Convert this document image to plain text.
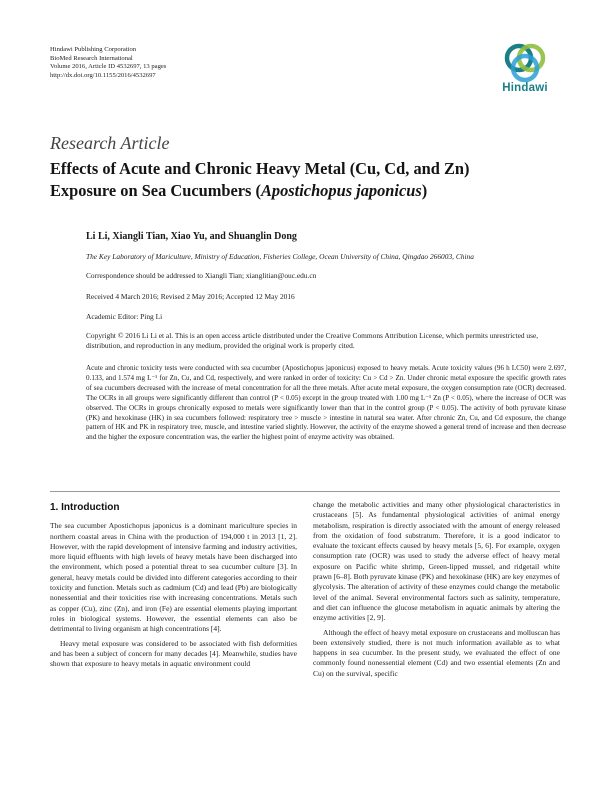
Hindawi Publishing Corporation
BioMed Research International
Volume 2016, Article ID 4532697, 13 pages
http://dx.doi.org/10.1155/2016/4532697
Hindawi
Research Article
Effects of Acute and Chronic Heavy Metal (Cu, Cd, and Zn)
Exposure on Sea Cucumbers (Apostichopus japonicus)
Li Li, Xiangli Tian, Xiao Yu, and Shuanglin Dong
The Key Laboratory of Mariculture, Ministry of Education, Fisheries College, Ocean University of China, Qingdao 266003, China
Correspondence should be addressed to Xiangli Tian; xianglitian@ouc.edu.cn
Received 4 March 2016; Revised 2 May 2016; Accepted 12 May 2016
Academic Editor: Ping Li
Copyright © 2016 Li Li et al. This is an open access article distributed under the Creative Commons Attribution License, which permits unrestricted use, distribution, and reproduction in any medium, provided the original work is properly cited.
Acute and chronic toxicity tests were conducted with sea cucumber (Apostichopus japonicus) exposed to heavy metals. Acute toxicity values (96 h LC50) were 2.697, 0.133, and 1.574 mg L⁻¹ for Zn, Cu, and Cd, respectively, and were ranked in order of toxicity: Cu > Cd > Zn. Under chronic metal exposure the specific growth rates of sea cucumbers decreased with the increase of metal concentration for all the three metals. After acute metal exposure, the oxygen consumption rate (OCR) decreased. The OCRs in all groups were significantly different than control (P < 0.05) except in the group treated with 1.00 mg L⁻¹ Zn (P < 0.05), where the increase of OCR was observed. The OCRs in groups chronically exposed to metals were significantly lower than that in the control group (P < 0.05). The activity of both pyruvate kinase (PK) and hexokinase (HK) in sea cucumbers followed: respiratory tree > muscle > intestine in natural sea water. After chronic Zn, Cu, and Cd exposure, the change pattern of HK and PK in respiratory tree, muscle, and intestine varied slightly. However, the activity of the enzyme showed a general trend of increase and then decrease and the higher the exposure concentration was, the earlier the highest point of enzyme activity was obtained.
1. Introduction

The sea cucumber Apostichopus japonicus is a dominant mariculture species in northern coastal areas in China with the production of 194,000 t in 2013 [1, 2]. However, with the rapid development of intensive farming and industry activities, more liquid effluents with high levels of heavy metals have been discharged into the environment, which posed a potential threat to sea cucumber culture [3]. In general, heavy metals could be divided into different categories according to their toxicity and function. Metals such as cadmium (Cd) and lead (Pb) are biologically nonessential and their toxicities rise with increasing concentrations. Metals such as copper (Cu), zinc (Zn), and iron (Fe) are essential elements playing important roles in biological systems. However, the essential elements can also be detrimental to living organism at high concentrations [4].

Heavy metal exposure was considered to be associated with fish deformities and has been a subject of concern for many decades [4]. Meanwhile, studies have shown that exposure to heavy metals in aquatic environment could

change the metabolic activities and many other physiological characteristics in crustaceans [5]. As fundamental physiological activities of animal energy metabolism, respiration is directly associated with the amount of energy released from the oxidation of food substratum. Therefore, it is a good indicator to evaluate the toxicant effects caused by heavy metals [5, 6]. For example, oxygen consumption rate (OCR) was used to study the adverse effect of heavy metal exposure on Pacific white shrimp, Green-lipped mussel, and ridgetail white prawn [6–8]. Both pyruvate kinase (PK) and hexokinase (HK) are key enzymes of glycolysis. The alteration of activity of these enzymes could change the metabolic level of the animal. Several environmental factors such as salinity, temperature, and diet can influence the glucose metabolism in aquatic animals by altering the enzyme activities [2, 9].

Although the effect of heavy metal exposure on crustaceans and molluscan has been extensively studied, there is not much information available as to what happens in sea cucumber. In the present study, we evaluated the effect of one commonly found nonessential element (Cd) and two essential elements (Zn and Cu) on the survival, specific
